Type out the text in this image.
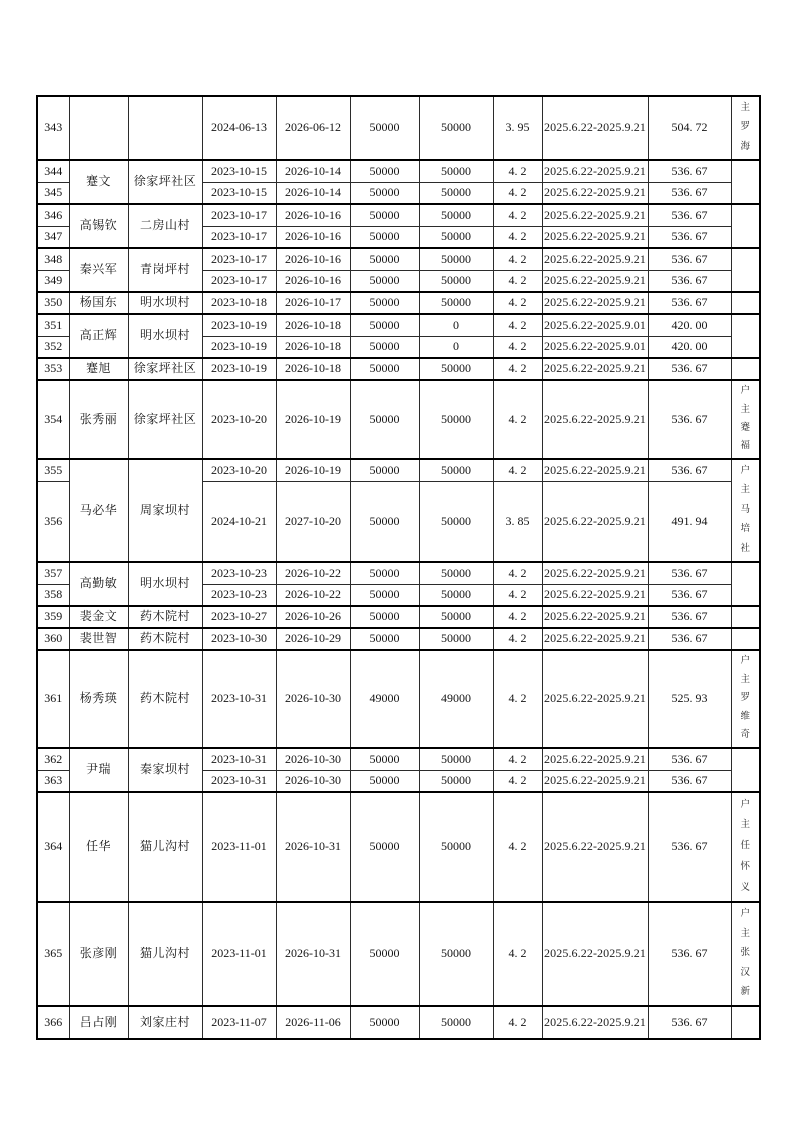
343			2024-06-13	2026-06-12	50000	50000	3. 95	2025.6.22-2025.9.21	504. 72	主
罗
海

344	蹇文	徐家坪社区	2023-10-15	2026-10-14	50000	50000	4. 2	2025.6.22-2025.9.21	536. 67	
345			2023-10-15	2026-10-14	50000	50000	4. 2	2025.6.22-2025.9.21	536. 67	
346	高锡钦	二房山村	2023-10-17	2026-10-16	50000	50000	4. 2	2025.6.22-2025.9.21	536. 67	
347			2023-10-17	2026-10-16	50000	50000	4. 2	2025.6.22-2025.9.21	536. 67	
348	秦兴军	青岗坪村	2023-10-17	2026-10-16	50000	50000	4. 2	2025.6.22-2025.9.21	536. 67	
349			2023-10-17	2026-10-16	50000	50000	4. 2	2025.6.22-2025.9.21	536. 67	
350	杨国东	明水坝村	2023-10-18	2026-10-17	50000	50000	4. 2	2025.6.22-2025.9.21	536. 67	
351	高正辉	明水坝村	2023-10-19	2026-10-18	50000	0	4. 2	2025.6.22-2025.9.01	420. 00	
352			2023-10-19	2026-10-18	50000	0	4. 2	2025.6.22-2025.9.01	420. 00	
353	蹇旭	徐家坪社区	2023-10-19	2026-10-18	50000	50000	4. 2	2025.6.22-2025.9.21	536. 67	
354	张秀丽	徐家坪社区	2023-10-20	2026-10-19	50000	50000	4. 2	2025.6.22-2025.9.21	536. 67	户
主
蹇
福

355	马必华	周家坝村	2023-10-20	2026-10-19	50000	50000	4. 2	2025.6.22-2025.9.21	536. 67	户
主
马
培
社

356			2024-10-21	2027-10-20	50000	50000	3. 85	2025.6.22-2025.9.21	491. 94	
357	高勤敏	明水坝村	2023-10-23	2026-10-22	50000	50000	4. 2	2025.6.22-2025.9.21	536. 67	
358			2023-10-23	2026-10-22	50000	50000	4. 2	2025.6.22-2025.9.21	536. 67	
359	裴金文	药木院村	2023-10-27	2026-10-26	50000	50000	4. 2	2025.6.22-2025.9.21	536. 67	
360	裴世智	药木院村	2023-10-30	2026-10-29	50000	50000	4. 2	2025.6.22-2025.9.21	536. 67	
361	杨秀瑛	药木院村	2023-10-31	2026-10-30	49000	49000	4. 2	2025.6.22-2025.9.21	525. 93	户
主
罗
维
奇

362	尹瑞	秦家坝村	2023-10-31	2026-10-30	50000	50000	4. 2	2025.6.22-2025.9.21	536. 67	
363			2023-10-31	2026-10-30	50000	50000	4. 2	2025.6.22-2025.9.21	536. 67	
364	任华	猫儿沟村	2023-11-01	2026-10-31	50000	50000	4. 2	2025.6.22-2025.9.21	536. 67	户
主
任
怀
义

365	张彦刚	猫儿沟村	2023-11-01	2026-10-31	50000	50000	4. 2	2025.6.22-2025.9.21	536. 67	户
主
张
汉
新

366	吕占刚	刘家庄村	2023-11-07	2026-11-06	50000	50000	4. 2	2025.6.22-2025.9.21	536. 67	
